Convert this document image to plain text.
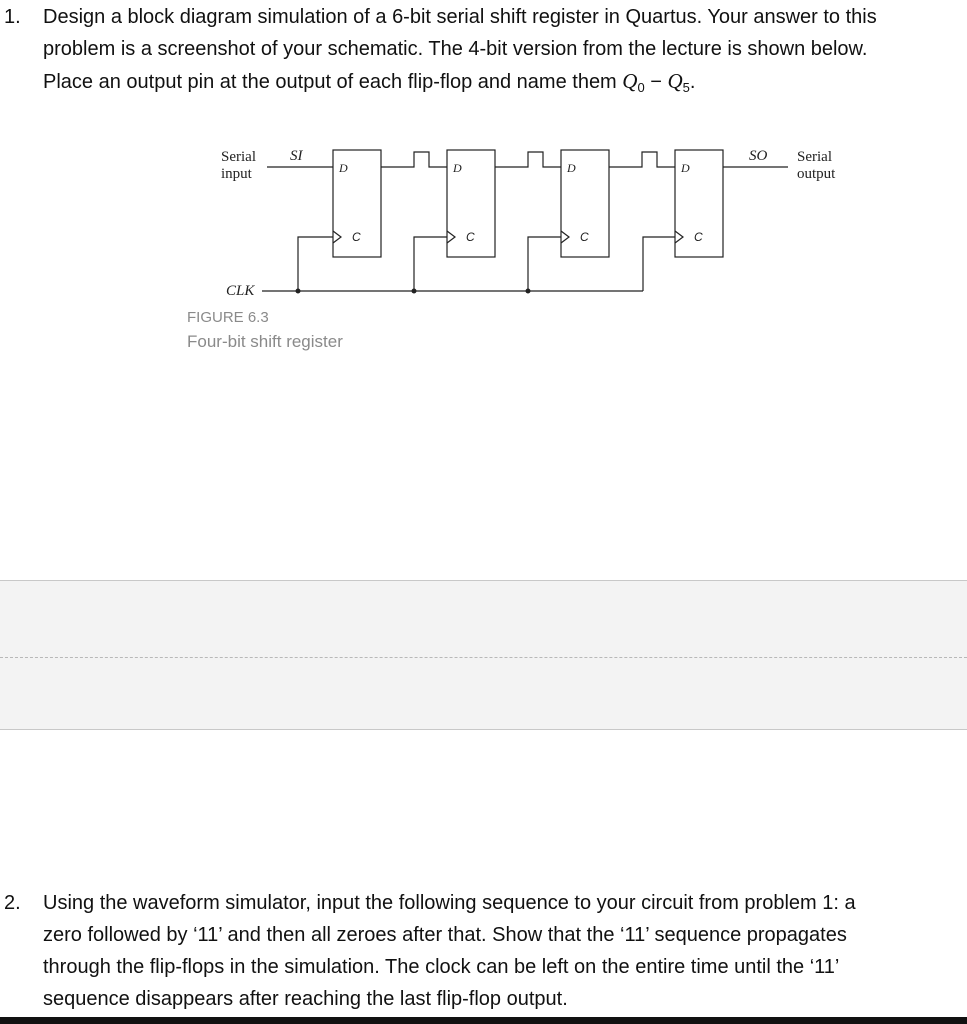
1. Design a block diagram simulation of a 6-bit serial shift register in Quartus. Your answer to this
problem is a screenshot of your schematic. The 4-bit version from the lecture is shown below.
Place an output pin at the output of each flip-flop and name them $Q_0 - Q_5$.
Serial
input
SI	SO Serial
output
CLK
D	D	D	D
C	C	C	C
FIGURE 6.3
Four-bit shift register
2. Using the waveform simulator, input the following sequence to your circuit from problem 1: a
zero followed by ‘11’ and then all zeroes after that. Show that the ‘11’ sequence propagates
through the flip-flops in the simulation. The clock can be left on the entire time until the ‘11’
sequence disappears after reaching the last flip-flop output.
